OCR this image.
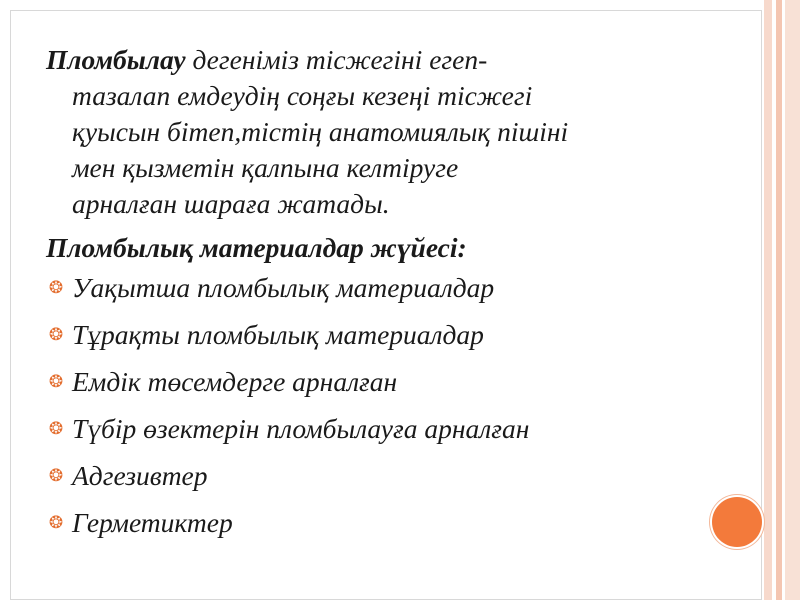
Пломбылау дегеніміз тісжегіні егеп-
тазалап емдеудің соңғы кезеңі тісжегі
қуысын бітеп,тістің анатомиялық пішіні
мен қызметін қалпына келтіруге
арналған шараға жатады.

Пломбылық материалдар жүйесі:
❂ Уақытша пломбылық материалдар
❂ Тұрақты пломбылық материалдар
❂ Емдік төсемдерге арналған
❂ Түбір өзектерін пломбылауға арналған
❂ Адгезивтер
❂ Герметиктер
